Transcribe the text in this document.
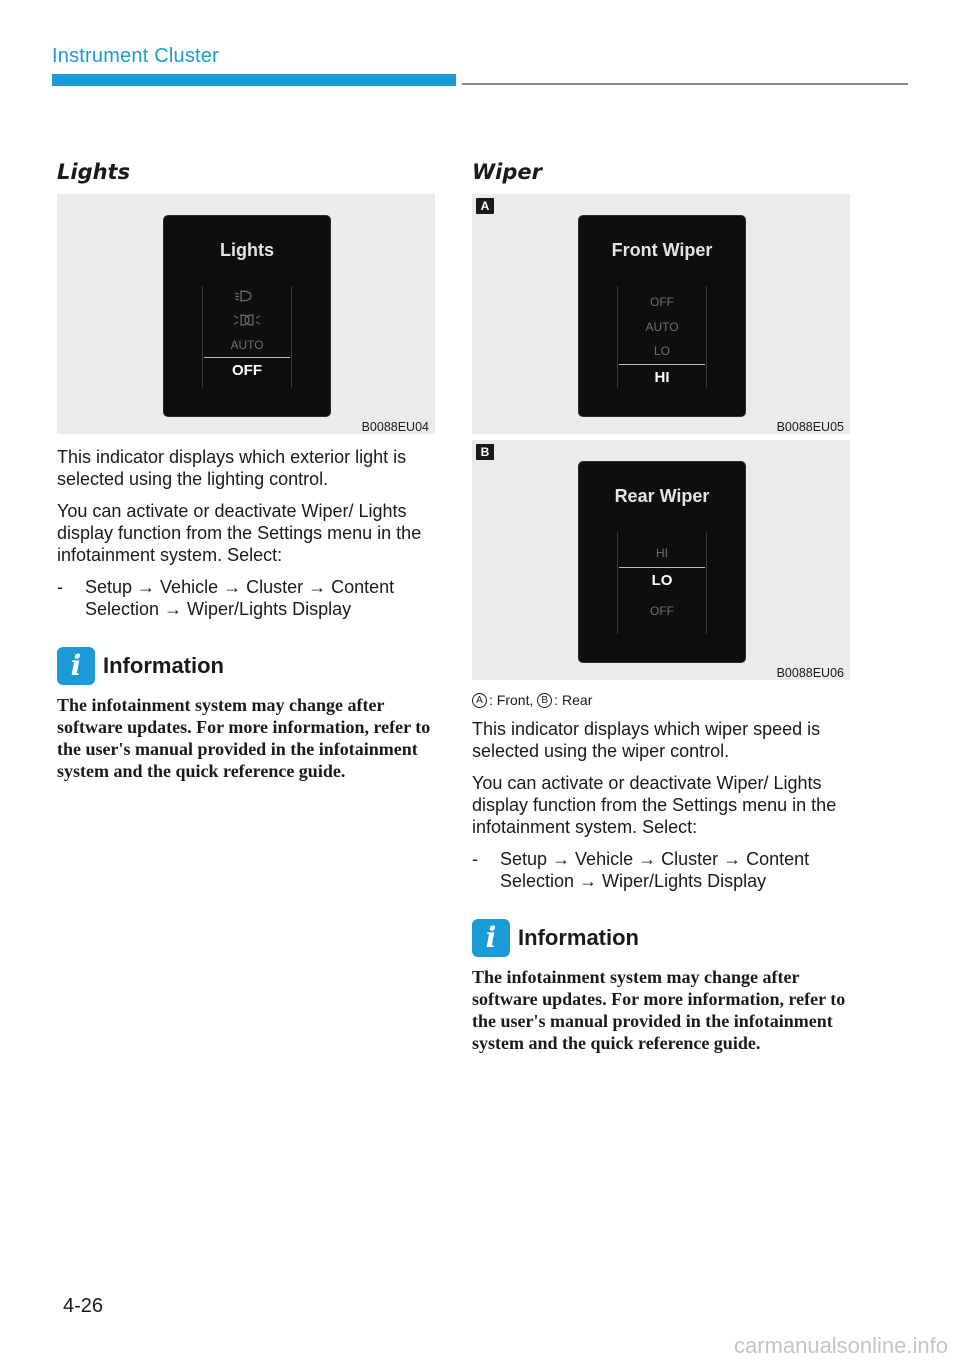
Instrument Cluster
Lights
Lights
AUTO
OFF
B0088EU04
This indicator displays which exterior light is selected using the lighting control.
You can activate or deactivate Wiper/ Lights display function from the Settings menu in the infotainment system. Select:
- Setup → Vehicle → Cluster → Content Selection → Wiper/Lights Display
i Information
The infotainment system may change after software updates. For more information, refer to the user's manual provided in the infotainment system and the quick reference guide.
Wiper
A
Front Wiper
OFF
AUTO
LO
HI
B0088EU05
B
Rear Wiper
HI
LO
OFF
B0088EU06
A : Front, B : Rear
This indicator displays which wiper speed is selected using the wiper control.
You can activate or deactivate Wiper/ Lights display function from the Settings menu in the infotainment system. Select:
- Setup → Vehicle → Cluster → Content Selection → Wiper/Lights Display
i Information
The infotainment system may change after software updates. For more information, refer to the user's manual provided in the infotainment system and the quick reference guide.
4-26
carmanualsonline.info
